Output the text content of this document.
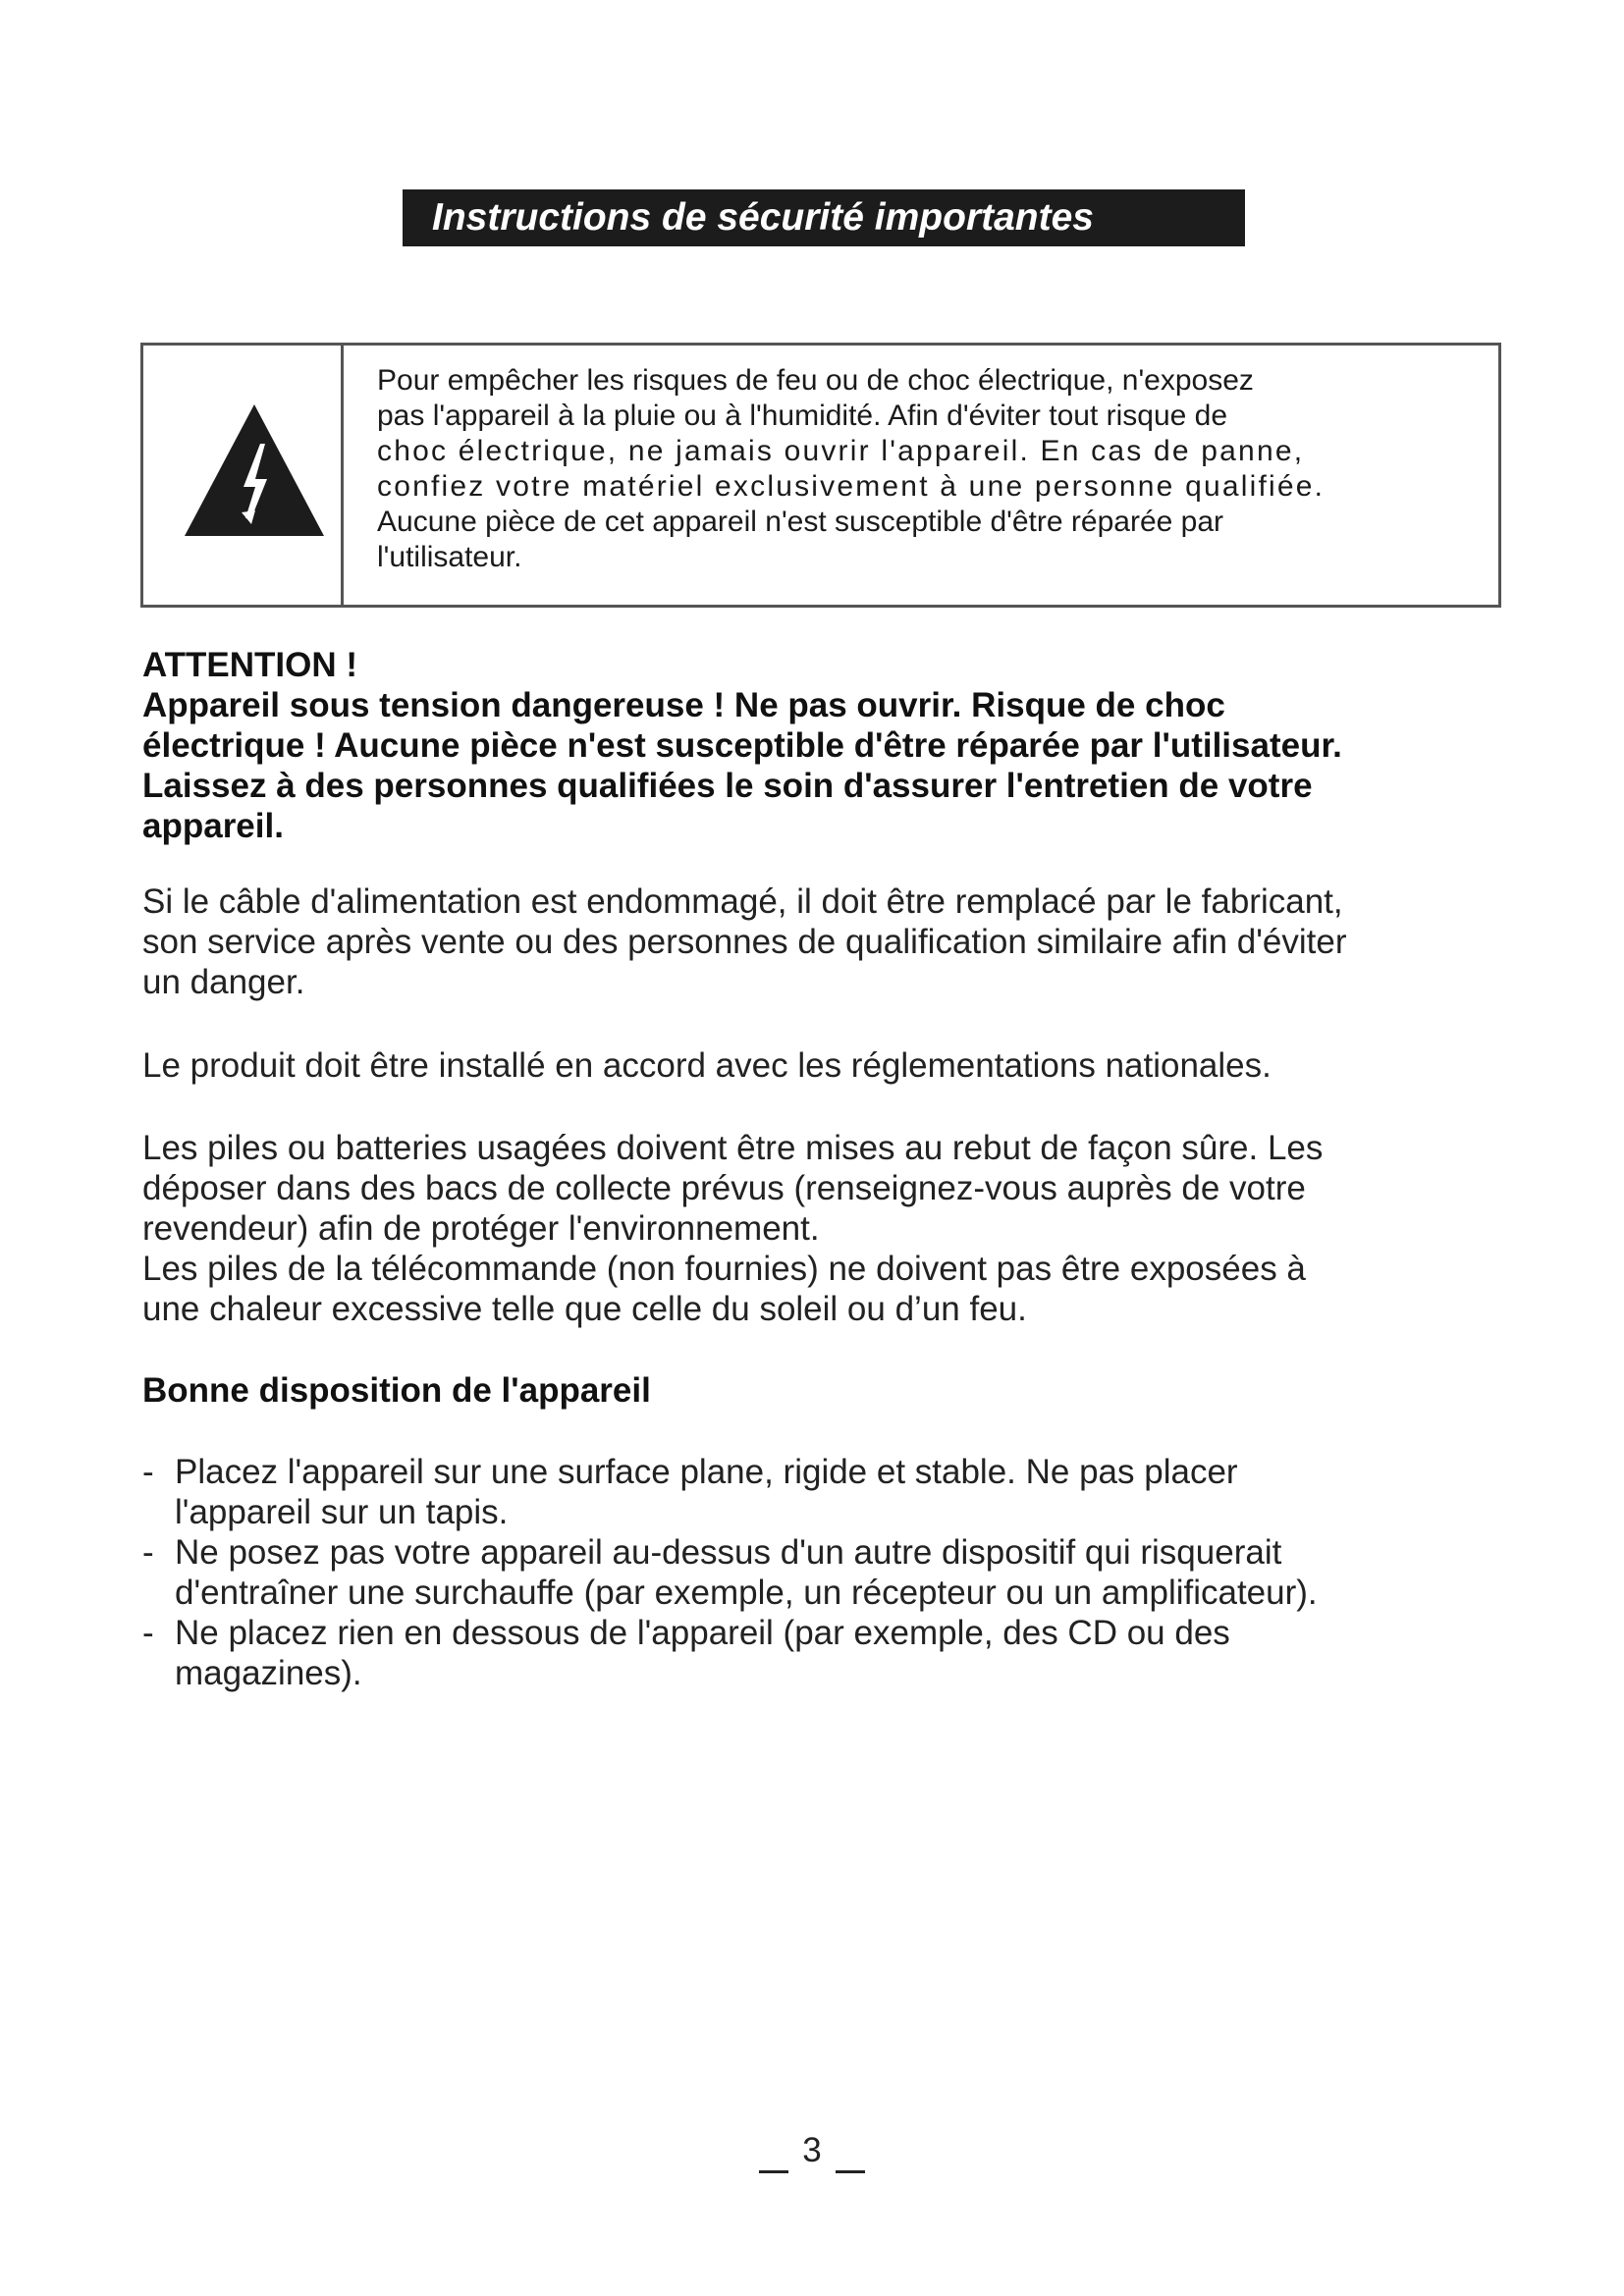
Instructions de sécurité importantes
Pour empêcher les risques de feu ou de choc électrique, n'exposez
pas l'appareil à la pluie ou à l'humidité. Afin d'éviter tout risque de
choc électrique, ne jamais ouvrir l'appareil. En cas de panne,
confiez votre matériel exclusivement à une personne qualifiée.
Aucune pièce de cet appareil n'est susceptible d'être réparée par
l'utilisateur.

ATTENTION !

Appareil sous tension dangereuse ! Ne pas ouvrir. Risque de choc

électrique ! Aucune pièce n'est susceptible d'être réparée par l'utilisateur.

Laissez à des personnes qualifiées le soin d'assurer l'entretien de votre

appareil.

Si le câble d'alimentation est endommagé, il doit être remplacé par le fabricant,

son service après vente ou des personnes de qualification similaire afin d'éviter

un danger.

Le produit doit être installé en accord avec les réglementations nationales.

Les piles ou batteries usagées doivent être mises au rebut de façon sûre. Les

déposer dans des bacs de collecte prévus (renseignez-vous auprès de votre

revendeur) afin de protéger l'environnement.

Les piles de la télécommande (non fournies) ne doivent pas être exposées à

une chaleur excessive telle que celle du soleil ou d’un feu.

Bonne disposition de l'appareil
- Placez l'appareil sur une surface plane, rigide et stable. Ne pas placer
l'appareil sur un tapis.
- Ne posez pas votre appareil au-dessus d'un autre dispositif qui risquerait
d'entraîner une surchauffe (par exemple, un récepteur ou un amplificateur).
- Ne placez rien en dessous de l'appareil (par exemple, des CD ou des
magazines).
3
